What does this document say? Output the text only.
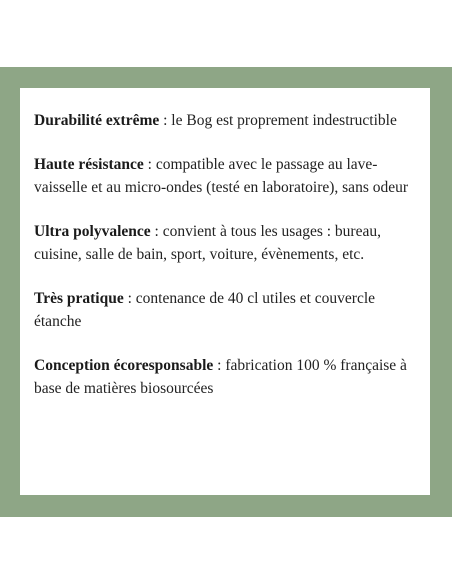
Durabilité extrême : le Bog est proprement indestructible

Haute résistance : compatible avec le passage au lave-vaisselle et au micro-ondes (testé en laboratoire), sans odeur

Ultra polyvalence : convient à tous les usages : bureau, cuisine, salle de bain, sport, voiture, évènements, etc.

Très pratique : contenance de 40 cl utiles et couvercle étanche

Conception écoresponsable : fabrication 100 % française à base de matières biosourcées
